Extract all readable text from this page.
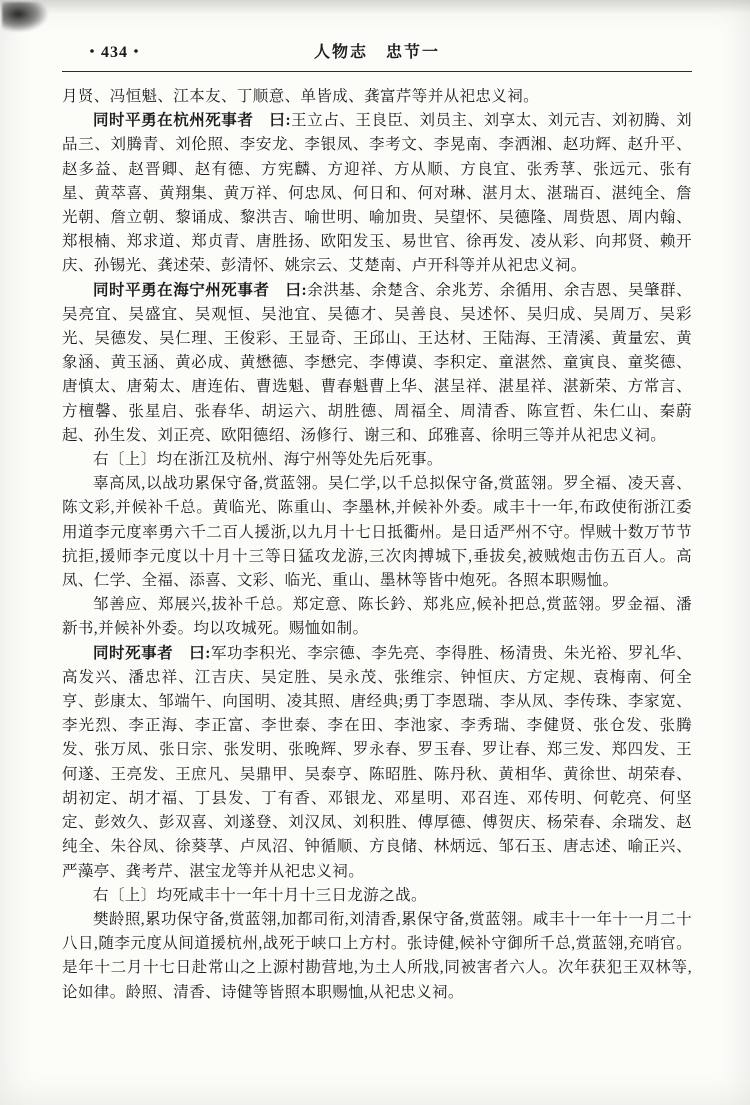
・434・	人物志　忠节一

月贤、冯恒魁、江本友、丁顺意、单皆成、龚富芹等并从祀忠义祠。

同时平勇在杭州死事者　曰:王立占、王良臣、刘员主、刘享太、刘元吉、刘初腾、刘品三、刘腾青、刘伦照、李安龙、李银凤、李考文、李晃南、李洒湘、赵功辉、赵升平、赵多益、赵晋卿、赵有德、方宪麟、方迎祥、方从顺、方良宜、张秀莩、张远元、张有星、黄萃喜、黄翔集、黄万祥、何忠凤、何日和、何对琳、湛月太、湛瑞百、湛纯全、詹光朝、詹立朝、黎诵成、黎洪吉、喻世明、喻加贵、吴望怀、吴德隆、周赀恩、周内翰、郑根楠、郑求道、郑贞青、唐胜扬、欧阳发玉、易世官、徐再发、凌从彩、向邦贤、赖开庆、孙锡光、龚述荣、彭清怀、姚宗云、艾楚南、卢开科等并从祀忠义祠。

同时平勇在海宁州死事者　曰:余洪基、余楚含、余兆芳、余循用、余吉恩、吴肇群、吴亮宜、吴盛宜、吴观恒、吴池宜、吴德才、吴善良、吴述怀、吴归成、吴周万、吴彩光、吴德发、吴仁理、王俊彩、王显奇、王邱山、王达材、王陆海、王清溪、黄量宏、黄象涵、黄玉涵、黄必成、黄懋德、李懋完、李傅谟、李积定、童湛然、童寅良、童奖德、唐慎太、唐菊太、唐连佑、曹选魁、曹春魁曹上华、湛呈祥、湛星祥、湛新荣、方常言、方檀馨、张星启、张春华、胡运六、胡胜德、周福全、周清香、陈宣哲、朱仁山、秦蔚起、孙生发、刘正亮、欧阳德绍、汤修行、谢三和、邱雅喜、徐明三等并从祀忠义祠。

右〔上〕均在浙江及杭州、海宁州等处先后死事。

辜高凤,以战功累保守备,赏蓝翎。吴仁学,以千总拟保守备,赏蓝翎。罗全福、凌天喜、陈文彩,并候补千总。黄临光、陈重山、李墨林,并候补外委。咸丰十一年,布政使衔浙江委用道李元度率勇六千二百人援浙,以九月十七日抵衢州。是日适严州不守。悍贼十数万节节抗拒,援师李元度以十月十三等日猛攻龙游,三次肉搏城下,垂拔矣,被贼炮击伤五百人。高凤、仁学、全福、添喜、文彩、临光、重山、墨林等皆中炮死。各照本职赐恤。

邹善应、郑展兴,拔补千总。郑定意、陈长鈐、郑兆应,候补把总,赏蓝翎。罗金福、潘新书,并候补外委。均以攻城死。赐恤如制。

同时死事者　曰:军功李积光、李宗德、李先亮、李得胜、杨清贵、朱光裕、罗礼华、高发兴、潘忠祥、江吉庆、吴定胜、吴永茂、张维宗、钟恒庆、方定规、袁梅南、何全亨、彭康太、邹端午、向国明、凌其照、唐经典;勇丁李恩瑞、李从凤、李传珠、李家宽、李光烈、李正海、李正富、李世泰、李在田、李池家、李秀瑞、李健贤、张仓发、张腾发、张万凤、张日宗、张发明、张晚辉、罗永春、罗玉春、罗让春、郑三发、郑四发、王何遂、王亮发、王庶凡、吴鼎甲、吴泰亨、陈昭胜、陈丹秋、黄相华、黄徐世、胡荣春、胡初定、胡才福、丁县发、丁有香、邓银龙、邓星明、邓召连、邓传明、何乾亮、何坚定、彭效久、彭双喜、刘遂登、刘汉凤、刘积胜、傅厚德、傅贺庆、杨荣春、余瑞发、赵纯全、朱谷凤、徐葵莩、卢凤沼、钟循顺、方良储、林炳远、邹石玉、唐志述、喻正兴、严藻亭、龚考芹、湛宝龙等并从祀忠义祠。

右〔上〕均死咸丰十一年十月十三日龙游之战。

樊龄照,累功保守备,赏蓝翎,加都司衔,刘清香,累保守备,赏蓝翎。咸丰十一年十一月二十八日,随李元度从间道援杭州,战死于峡口上方村。张诗健,候补守御所千总,赏蓝翎,充哨官。是年十二月十七日赴常山之上源村勘营地,为土人所戕,同被害者六人。次年获犯王双林等,论如律。龄照、清香、诗健等皆照本职赐恤,从祀忠义祠。
